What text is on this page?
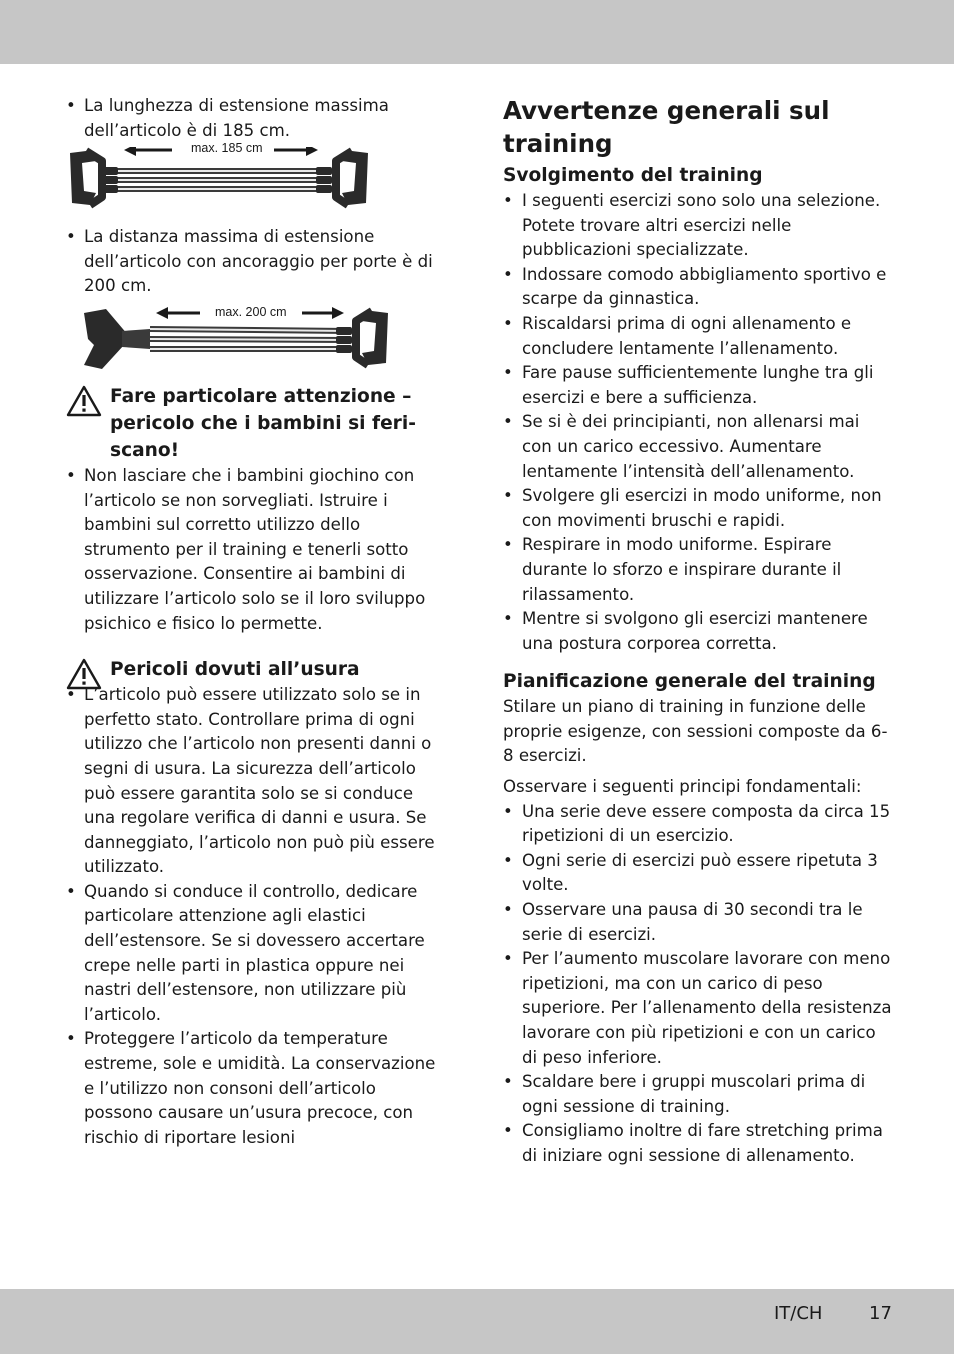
• La lunghezza di estensione massima dell’articolo è di 185 cm.
max. 185 cm
• La distanza massima di estensione dell’articolo con ancoraggio per porte è di 200 cm.
max. 200 cm
Fare particolare attenzione – pericolo che i bambini si feriscano!
• Non lasciare che i bambini giochino con l’articolo se non sorvegliati. Istruire i bambini sul corretto utilizzo dello strumento per il training e tenerli sotto osservazione. Consentire ai bambini di utilizzare l’articolo solo se il loro sviluppo psichico e fisico lo permette.
Pericoli dovuti all’usura
• L’articolo può essere utilizzato solo se in perfetto stato. Controllare prima di ogni utilizzo che l’articolo non presenti danni o segni di usura. La sicurezza dell’articolo può essere garantita solo se si conduce una regolare verifica di danni e usura. Se danneggiato, l’articolo non può più essere utilizzato.
• Quando si conduce il controllo, dedicare particolare attenzione agli elastici dell’estensore. Se si dovessero accertare crepe nelle parti in plastica oppure nei nastri dell’estensore, non utilizzare più l’articolo.
• Proteggere l’articolo da temperature estreme, sole e umidità. La conservazione e l’utilizzo non consoni dell’articolo possono causare un’usura precoce, con rischio di riportare lesioni
Avvertenze generali sul training
Svolgimento del training
• I seguenti esercizi sono solo una selezione. Potete trovare altri esercizi nelle pubblicazioni specializzate.
• Indossare comodo abbigliamento sportivo e scarpe da ginnastica.
• Riscaldarsi prima di ogni allenamento e concludere lentamente l’allenamento.
• Fare pause sufficientemente lunghe tra gli esercizi e bere a sufficienza.
• Se si è dei principianti, non allenarsi mai con un carico eccessivo. Aumentare lentamente l’intensità dell’allenamento.
• Svolgere gli esercizi in modo uniforme, non con movimenti bruschi e rapidi.
• Respirare in modo uniforme. Espirare durante lo sforzo e inspirare durante il rilassamento.
• Mentre si svolgono gli esercizi mantenere una postura corporea corretta.
Pianificazione generale del training

Stilare un piano di training in funzione delle proprie esigenze, con sessioni composte da 6-8 esercizi.

Osservare i seguenti principi fondamentali:

• Una serie deve essere composta da circa 15 ripetizioni di un esercizio.
• Ogni serie di esercizi può essere ripetuta 3 volte.
• Osservare una pausa di 30 secondi tra le serie di esercizi.
• Per l’aumento muscolare lavorare con meno ripetizioni, ma con un carico di peso superiore. Per l’allenamento della resistenza lavorare con più ripetizioni e con un carico di peso inferiore.
• Scaldare bere i gruppi muscolari prima di ogni sessione di training.
• Consigliamo inoltre di fare stretching prima di iniziare ogni sessione di allenamento.
IT/CH	17
